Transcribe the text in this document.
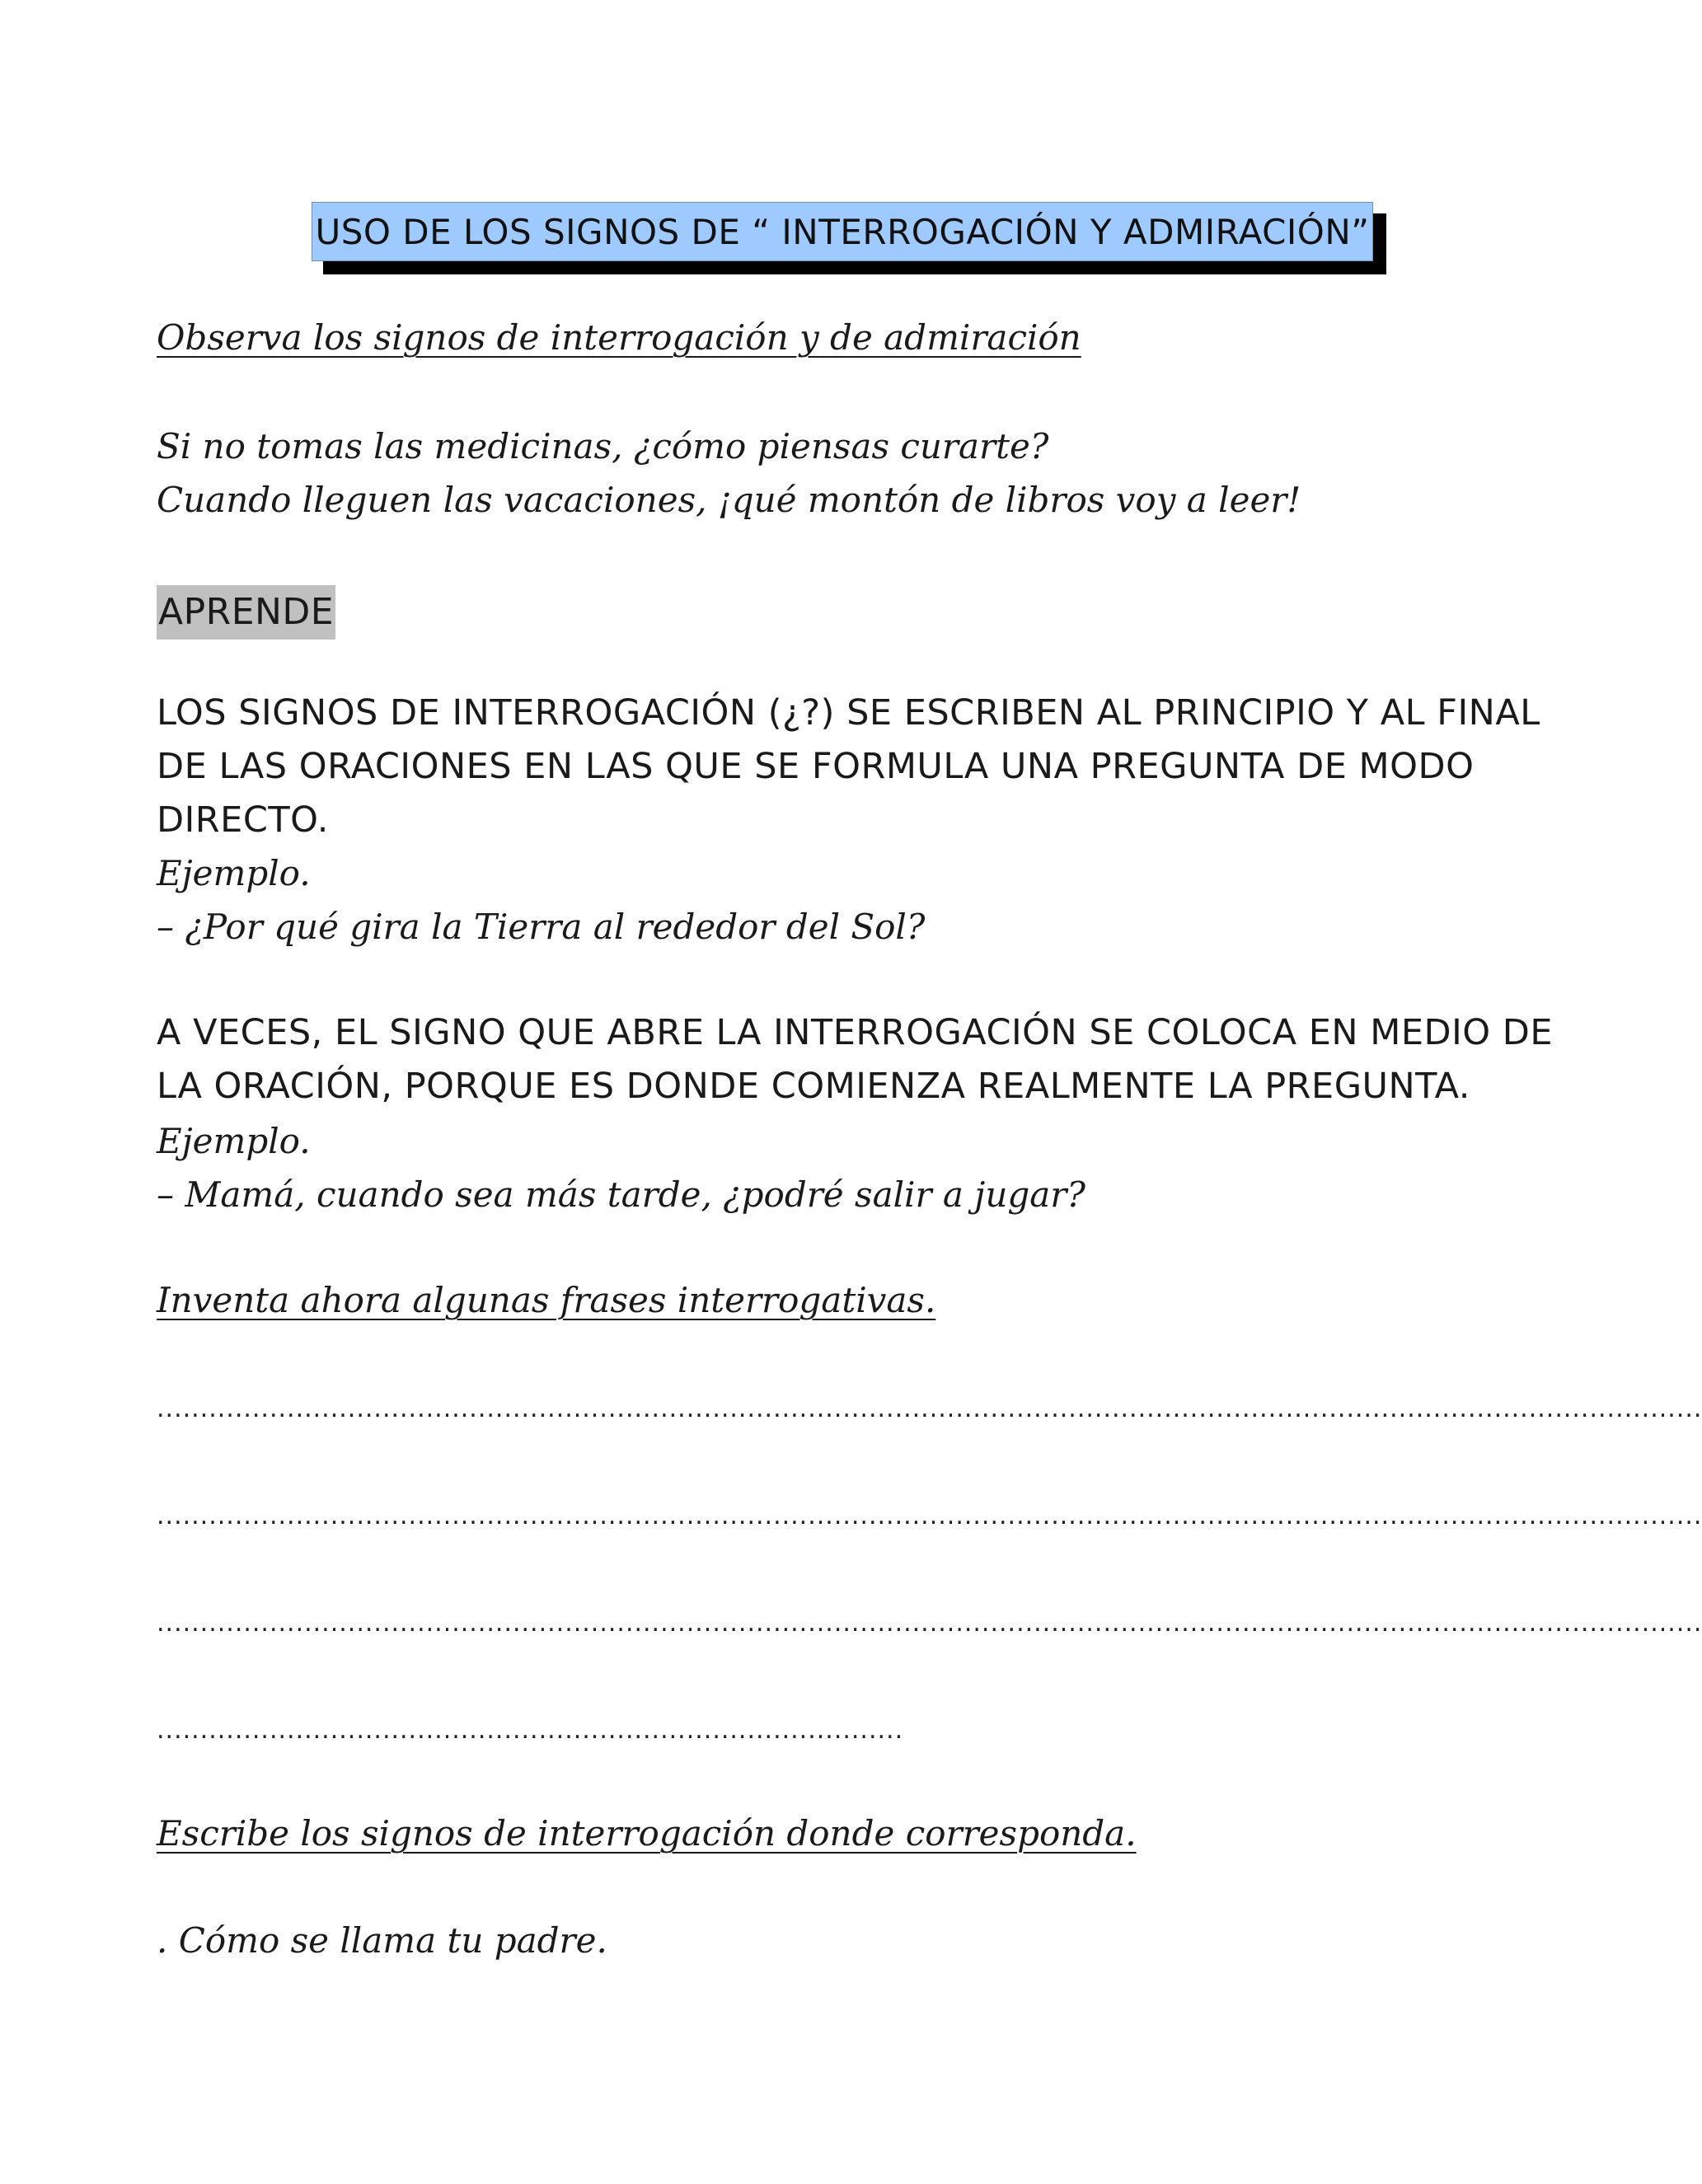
USO DE LOS SIGNOS DE “ INTERROGACIÓN Y ADMIRACIÓN”
Observa los signos de interrogación y de admiración
Si no tomas las medicinas, ¿cómo piensas curarte?
Cuando lleguen las vacaciones, ¡qué montón de libros voy a leer!
APRENDE
LOS SIGNOS DE INTERROGACIÓN (¿?) SE ESCRIBEN AL PRINCIPIO Y AL FINAL
DE LAS ORACIONES EN LAS QUE SE FORMULA UNA PREGUNTA DE MODO
DIRECTO.
Ejemplo.
– ¿Por qué gira la Tierra al rededor del Sol?
A VECES, EL SIGNO QUE ABRE LA INTERROGACIÓN SE COLOCA EN MEDIO DE
LA ORACIÓN, PORQUE ES DONDE COMIENZA REALMENTE LA PREGUNTA.
Ejemplo.
– Mamá, cuando sea más tarde, ¿podré salir a jugar?
Inventa ahora algunas frases interrogativas.
..................................................................................................................................................................................
..................................................................................................................................................................................
..................................................................................................................................................................................
......................................................................................
Escribe los signos de interrogación donde corresponda.
. Cómo se llama tu padre.
